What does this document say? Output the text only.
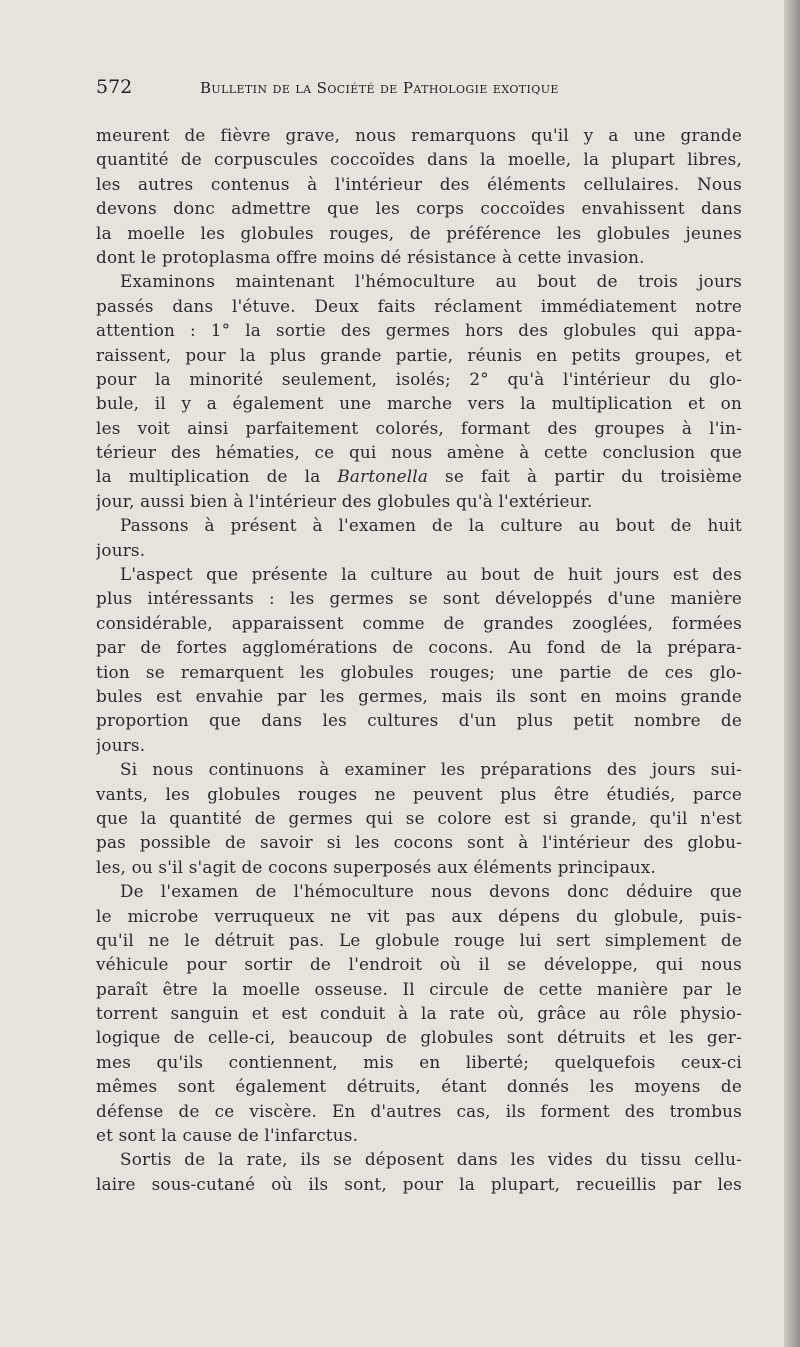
572	Bulletin de la Société de Pathologie exotique
meurent de fièvre grave, nous remarquons qu'il y a une grande
quantité de corpuscules coccoïdes dans la moelle, la plupart libres,
les autres contenus à l'intérieur des éléments cellulaires. Nous
devons donc admettre que les corps coccoïdes envahissent dans
la moelle les globules rouges, de préférence les globules jeunes
dont le protoplasma offre moins dé résistance à cette invasion.
Examinons maintenant l'hémoculture au bout de trois jours
passés dans l'étuve. Deux faits réclament immédiatement notre
attention : 1° la sortie des germes hors des globules qui appa-
raissent, pour la plus grande partie, réunis en petits groupes, et
pour la minorité seulement, isolés; 2° qu'à l'intérieur du glo-
bule, il y a également une marche vers la multiplication et on
les voit ainsi parfaitement colorés, formant des groupes à l'in-
térieur des hématies, ce qui nous amène à cette conclusion que
la multiplication de la Bartonella se fait à partir du troisième
jour, aussi bien à l'intérieur des globules qu'à l'extérieur.
Passons à présent à l'examen de la culture au bout de huit
jours.
L'aspect que présente la culture au bout de huit jours est des
plus intéressants : les germes se sont développés d'une manière
considérable, apparaissent comme de grandes zooglées, formées
par de fortes agglomérations de cocons. Au fond de la prépara-
tion se remarquent les globules rouges; une partie de ces glo-
bules est envahie par les germes, mais ils sont en moins grande
proportion que dans les cultures d'un plus petit nombre de
jours.
Si nous continuons à examiner les préparations des jours sui-
vants, les globules rouges ne peuvent plus être étudiés, parce
que la quantité de germes qui se colore est si grande, qu'il n'est
pas possible de savoir si les cocons sont à l'intérieur des globu-
les, ou s'il s'agit de cocons superposés aux éléments principaux.
De l'examen de l'hémoculture nous devons donc déduire que
le microbe verruqueux ne vit pas aux dépens du globule, puis-
qu'il ne le détruit pas. Le globule rouge lui sert simplement de
véhicule pour sortir de l'endroit où il se développe, qui nous
paraît être la moelle osseuse. Il circule de cette manière par le
torrent sanguin et est conduit à la rate où, grâce au rôle physio-
logique de celle-ci, beaucoup de globules sont détruits et les ger-
mes qu'ils contiennent, mis en liberté; quelquefois ceux-ci
mêmes sont également détruits, étant donnés les moyens de
défense de ce viscère. En d'autres cas, ils forment des trombus
et sont la cause de l'infarctus.
Sortis de la rate, ils se déposent dans les vides du tissu cellu-
laire sous-cutané où ils sont, pour la plupart, recueillis par les
